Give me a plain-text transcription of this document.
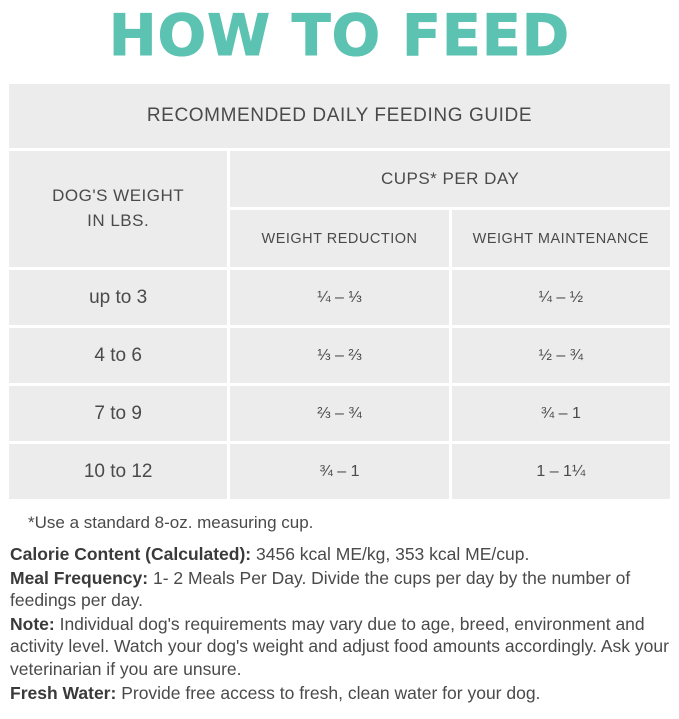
HOW TO FEED
RECOMMENDED DAILY FEEDING GUIDE		
DOG'S WEIGHT
IN LBS.	CUPS* PER DAY	
	WEIGHT REDUCTION	WEIGHT MAINTENANCE
up to 3	¼ – ⅓	¼ – ½
4 to 6	⅓ – ⅔	½ – ¾
7 to 9	⅔ – ¾	¾ – 1
10 to 12	¾ – 1	1 – 1¼

*Use a standard 8-oz. measuring cup.

Calorie Content (Calculated): 3456 kcal ME/kg, 353 kcal ME/cup.

Meal Frequency: 1- 2 Meals Per Day. Divide the cups per day by the number of feedings per day.

Note: Individual dog's requirements may vary due to age, breed, environment and activity level. Watch your dog's weight and adjust food amounts accordingly. Ask your veterinarian if you are unsure.

Fresh Water: Provide free access to fresh, clean water for your dog.
